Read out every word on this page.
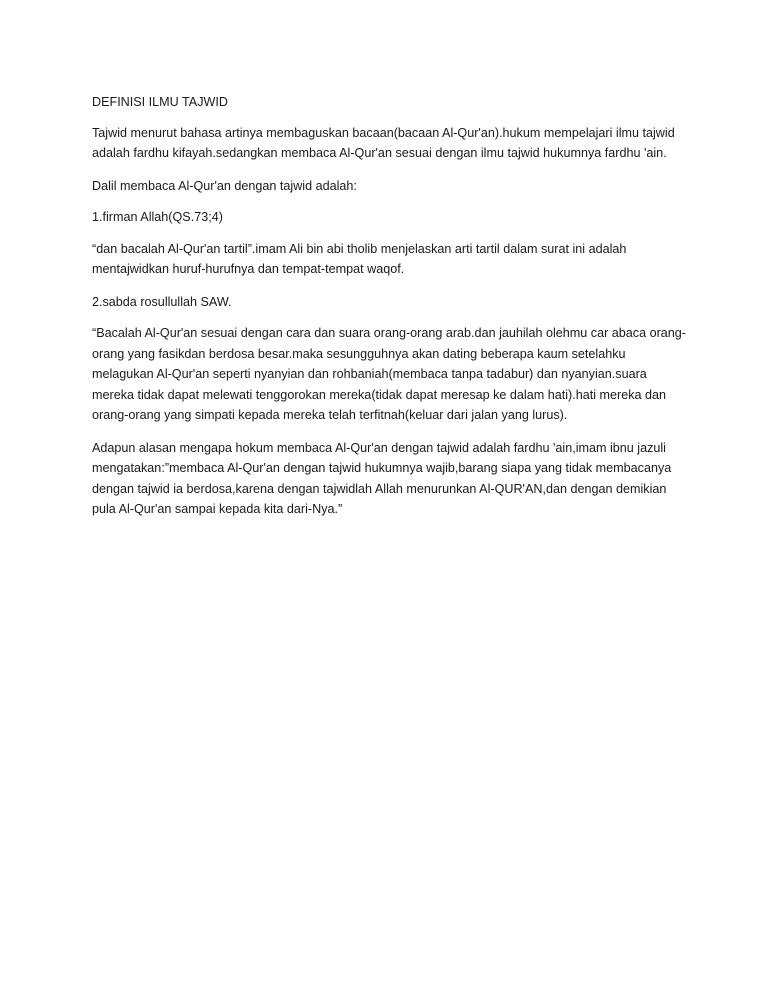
DEFINISI ILMU TAJWID

Tajwid menurut bahasa artinya membaguskan bacaan(bacaan Al-Qur'an).hukum mempelajari ilmu tajwid adalah fardhu kifayah.sedangkan membaca Al-Qur'an sesuai dengan ilmu tajwid hukumnya fardhu 'ain.

Dalil membaca Al-Qur'an dengan tajwid adalah:

1.firman Allah(QS.73;4)

“dan bacalah Al-Qur'an tartil”.imam Ali bin abi tholib menjelaskan arti tartil dalam surat ini adalah mentajwidkan huruf-hurufnya dan tempat-tempat waqof.

2.sabda rosullullah SAW.

“Bacalah Al-Qur'an sesuai dengan cara dan suara orang-orang arab.dan jauhilah olehmu car abaca orang-orang yang fasikdan berdosa besar.maka sesungguhnya akan dating beberapa kaum setelahku melagukan Al-Qur'an seperti nyanyian dan rohbaniah(membaca tanpa tadabur) dan nyanyian.suara mereka tidak dapat melewati tenggorokan mereka(tidak dapat meresap ke dalam hati).hati mereka dan orang-orang yang simpati kepada mereka telah terfitnah(keluar dari jalan yang lurus).

Adapun alasan mengapa hokum membaca Al-Qur'an dengan tajwid adalah fardhu 'ain,imam ibnu jazuli mengatakan:”membaca Al-Qur'an dengan tajwid hukumnya wajib,barang siapa yang tidak membacanya dengan tajwid ia berdosa,karena dengan tajwidlah Allah menurunkan Al-QUR'AN,dan dengan demikian pula Al-Qur'an sampai kepada kita dari-Nya.”
